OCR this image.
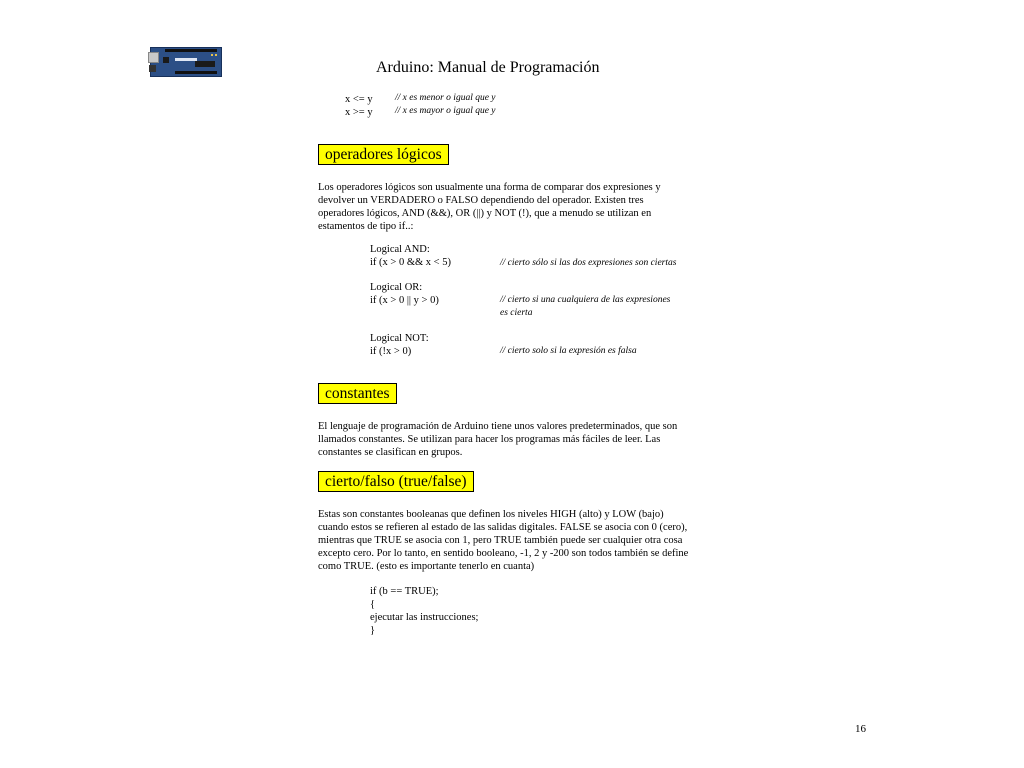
Arduino: Manual de Programación
x <= y // x es menor o igual que y
x >= y // x es mayor o igual que y
operadores lógicos
Los operadores lógicos son usualmente una forma de comparar dos expresiones y
devolver un VERDADERO o FALSO dependiendo del operador. Existen tres
operadores lógicos, AND (&&), OR (||) y NOT (!), que a menudo se utilizan en
estamentos de tipo if..:
Logical AND:
if (x > 0 && x < 5)	// cierto sólo si las dos expresiones son ciertas
Logical OR:
if (x > 0 || y > 0)	// cierto si una cualquiera de las expresiones
es cierta
Logical NOT:
if (!x > 0)	// cierto solo si la expresión es falsa
constantes
El lenguaje de programación de Arduino tiene unos valores predeterminados, que son
llamados constantes. Se utilizan para hacer los programas más fáciles de leer. Las
constantes se clasifican en grupos.
cierto/falso (true/false)
Estas son constantes booleanas que definen los niveles HIGH (alto) y LOW (bajo)
cuando estos se refieren al estado de las salidas digitales. FALSE se asocia con 0 (cero),
mientras que TRUE se asocia con 1, pero TRUE también puede ser cualquier otra cosa
excepto cero. Por lo tanto, en sentido booleano, -1, 2 y -200 son todos también se define
como TRUE. (esto es importante tenerlo en cuanta)
if (b == TRUE);
{
ejecutar las instrucciones;
}
16
